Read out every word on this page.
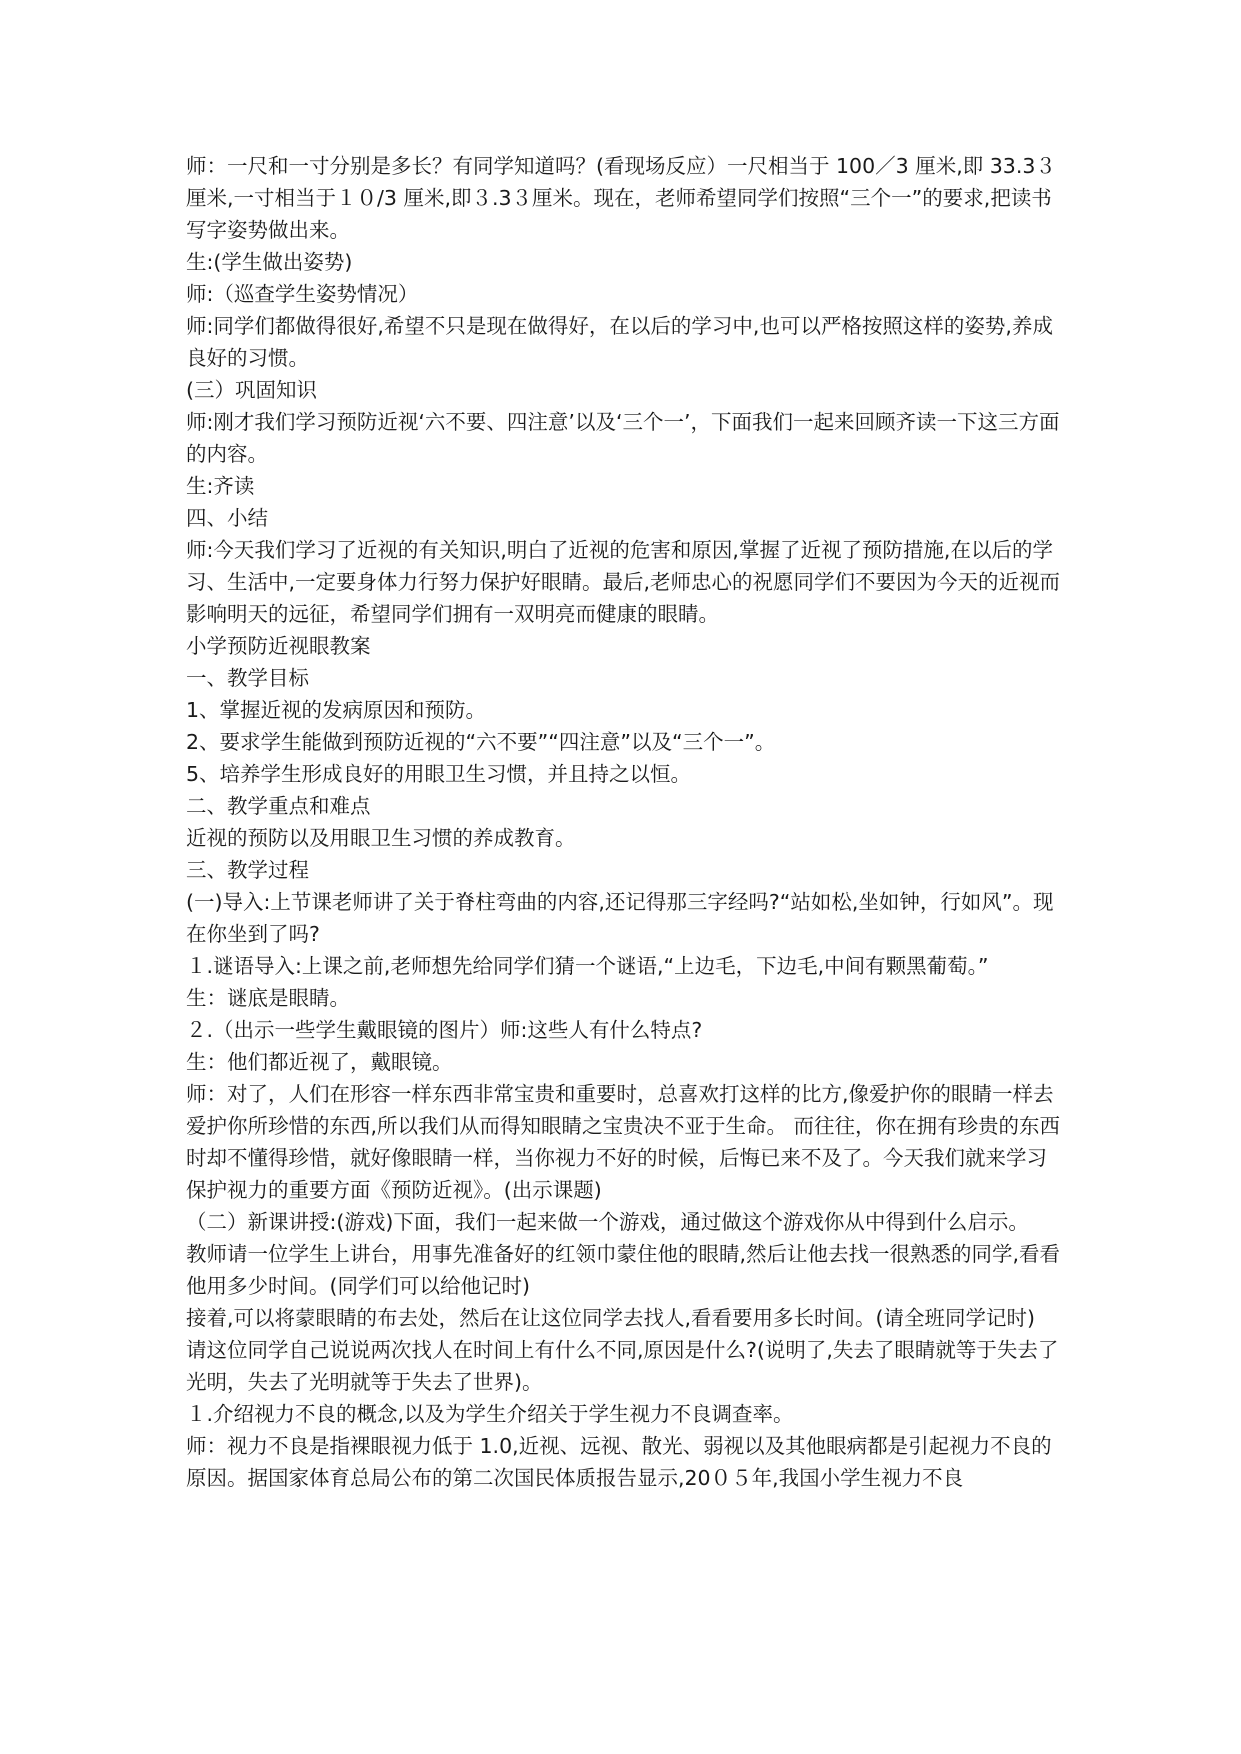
师：一尺和一寸分别是多长？有同学知道吗？(看现场反应）一尺相当于 100／3 厘米,即 33.3３厘米,一寸相当于１０/3 厘米,即３.3３厘米。现在，老师希望同学们按照“三个一”的要求,把读书写字姿势做出来。

生:(学生做出姿势)

师:（巡查学生姿势情况）

师:同学们都做得很好,希望不只是现在做得好，在以后的学习中,也可以严格按照这样的姿势,养成良好的习惯。

(三）巩固知识

师:刚才我们学习预防近视‘六不要、四注意’以及‘三个一’，下面我们一起来回顾齐读一下这三方面的内容。

生:齐读

四、小结

师:今天我们学习了近视的有关知识,明白了近视的危害和原因,掌握了近视了预防措施,在以后的学习、生活中,一定要身体力行努力保护好眼睛。最后,老师忠心的祝愿同学们不要因为今天的近视而影响明天的远征，希望同学们拥有一双明亮而健康的眼睛。

小学预防近视眼教案

一、教学目标

1、掌握近视的发病原因和预防。

2、要求学生能做到预防近视的“六不要”“四注意”以及“三个一”。

5、培养学生形成良好的用眼卫生习惯，并且持之以恒。

二、教学重点和难点

近视的预防以及用眼卫生习惯的养成教育。

三、教学过程

(一)导入:上节课老师讲了关于脊柱弯曲的内容,还记得那三字经吗?“站如松,坐如钟，行如风”。现在你坐到了吗?

１.谜语导入:上课之前,老师想先给同学们猜一个谜语,“上边毛，下边毛,中间有颗黑葡萄。”

生：谜底是眼睛。

２.（出示一些学生戴眼镜的图片）师:这些人有什么特点?

生：他们都近视了，戴眼镜。

师：对了，人们在形容一样东西非常宝贵和重要时，总喜欢打这样的比方,像爱护你的眼睛一样去爱护你所珍惜的东西,所以我们从而得知眼睛之宝贵决不亚于生命。 而往往，你在拥有珍贵的东西时却不懂得珍惜，就好像眼睛一样，当你视力不好的时候，后悔已来不及了。今天我们就来学习保护视力的重要方面《预防近视》。(出示课题)

（二）新课讲授:(游戏)下面，我们一起来做一个游戏，通过做这个游戏你从中得到什么启示。

教师请一位学生上讲台，用事先准备好的红领巾蒙住他的眼睛,然后让他去找一很熟悉的同学,看看他用多少时间。(同学们可以给他记时)

接着,可以将蒙眼睛的布去处，然后在让这位同学去找人,看看要用多长时间。(请全班同学记时)

请这位同学自己说说两次找人在时间上有什么不同,原因是什么?(说明了,失去了眼睛就等于失去了光明，失去了光明就等于失去了世界)。

１.介绍视力不良的概念,以及为学生介绍关于学生视力不良调查率。

师：视力不良是指裸眼视力低于 1.0,近视、远视、散光、弱视以及其他眼病都是引起视力不良的原因。据国家体育总局公布的第二次国民体质报告显示,20０５年,我国小学生视力不良
